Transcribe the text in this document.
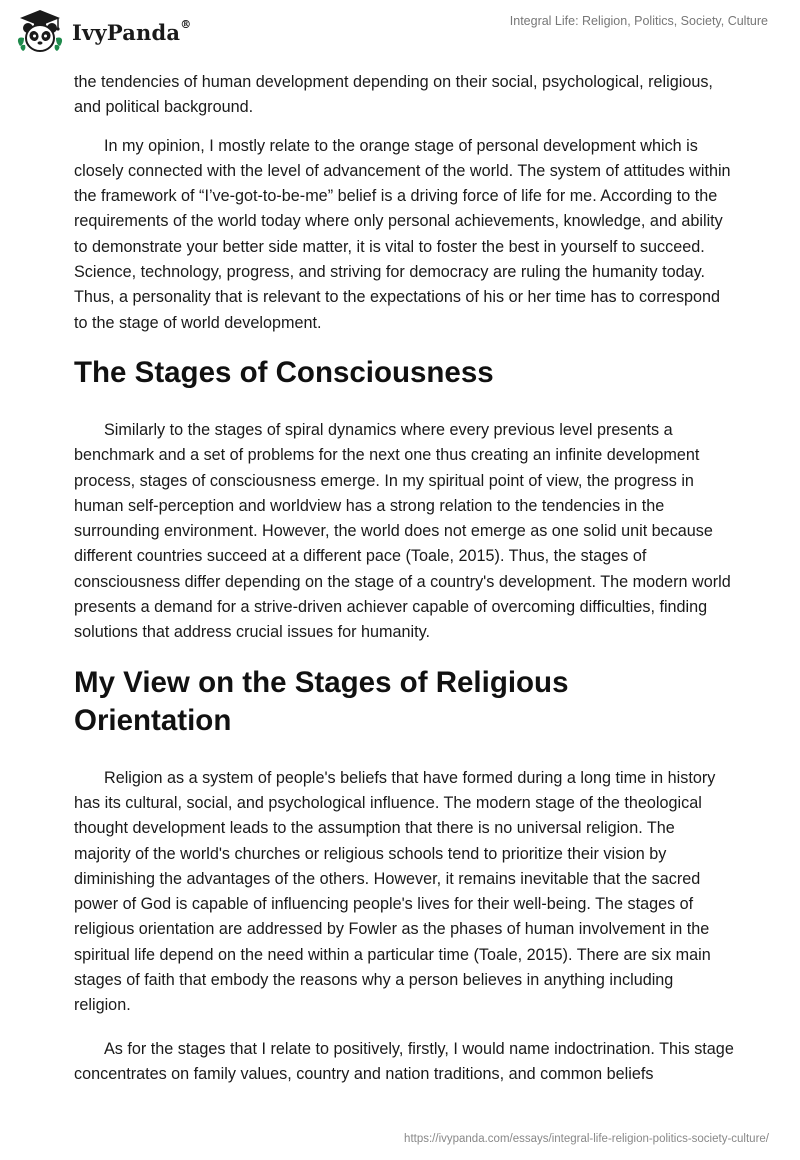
IvyPanda®	Integral Life: Religion, Politics, Society, Culture

the tendencies of human development depending on their social, psychological, religious, and political background.

In my opinion, I mostly relate to the orange stage of personal development which is closely connected with the level of advancement of the world. The system of attitudes within the framework of “I’ve-got-to-be-me” belief is a driving force of life for me. According to the requirements of the world today where only personal achievements, knowledge, and ability to demonstrate your better side matter, it is vital to foster the best in yourself to succeed. Science, technology, progress, and striving for democracy are ruling the humanity today. Thus, a personality that is relevant to the expectations of his or her time has to correspond to the stage of world development.

The Stages of Consciousness

Similarly to the stages of spiral dynamics where every previous level presents a benchmark and a set of problems for the next one thus creating an infinite development process, stages of consciousness emerge. In my spiritual point of view, the progress in human self-perception and worldview has a strong relation to the tendencies in the surrounding environment. However, the world does not emerge as one solid unit because different countries succeed at a different pace (Toale, 2015). Thus, the stages of consciousness differ depending on the stage of a country's development. The modern world presents a demand for a strive-driven achiever capable of overcoming difficulties, finding solutions that address crucial issues for humanity.

My View on the Stages of Religious Orientation

Religion as a system of people's beliefs that have formed during a long time in history has its cultural, social, and psychological influence. The modern stage of the theological thought development leads to the assumption that there is no universal religion. The majority of the world's churches or religious schools tend to prioritize their vision by diminishing the advantages of the others. However, it remains inevitable that the sacred power of God is capable of influencing people's lives for their well-being. The stages of religious orientation are addressed by Fowler as the phases of human involvement in the spiritual life depend on the need within a particular time (Toale, 2015). There are six main stages of faith that embody the reasons why a person believes in anything including religion.

As for the stages that I relate to positively, firstly, I would name indoctrination. This stage concentrates on family values, country and nation traditions, and common beliefs

https://ivypanda.com/essays/integral-life-religion-politics-society-culture/
